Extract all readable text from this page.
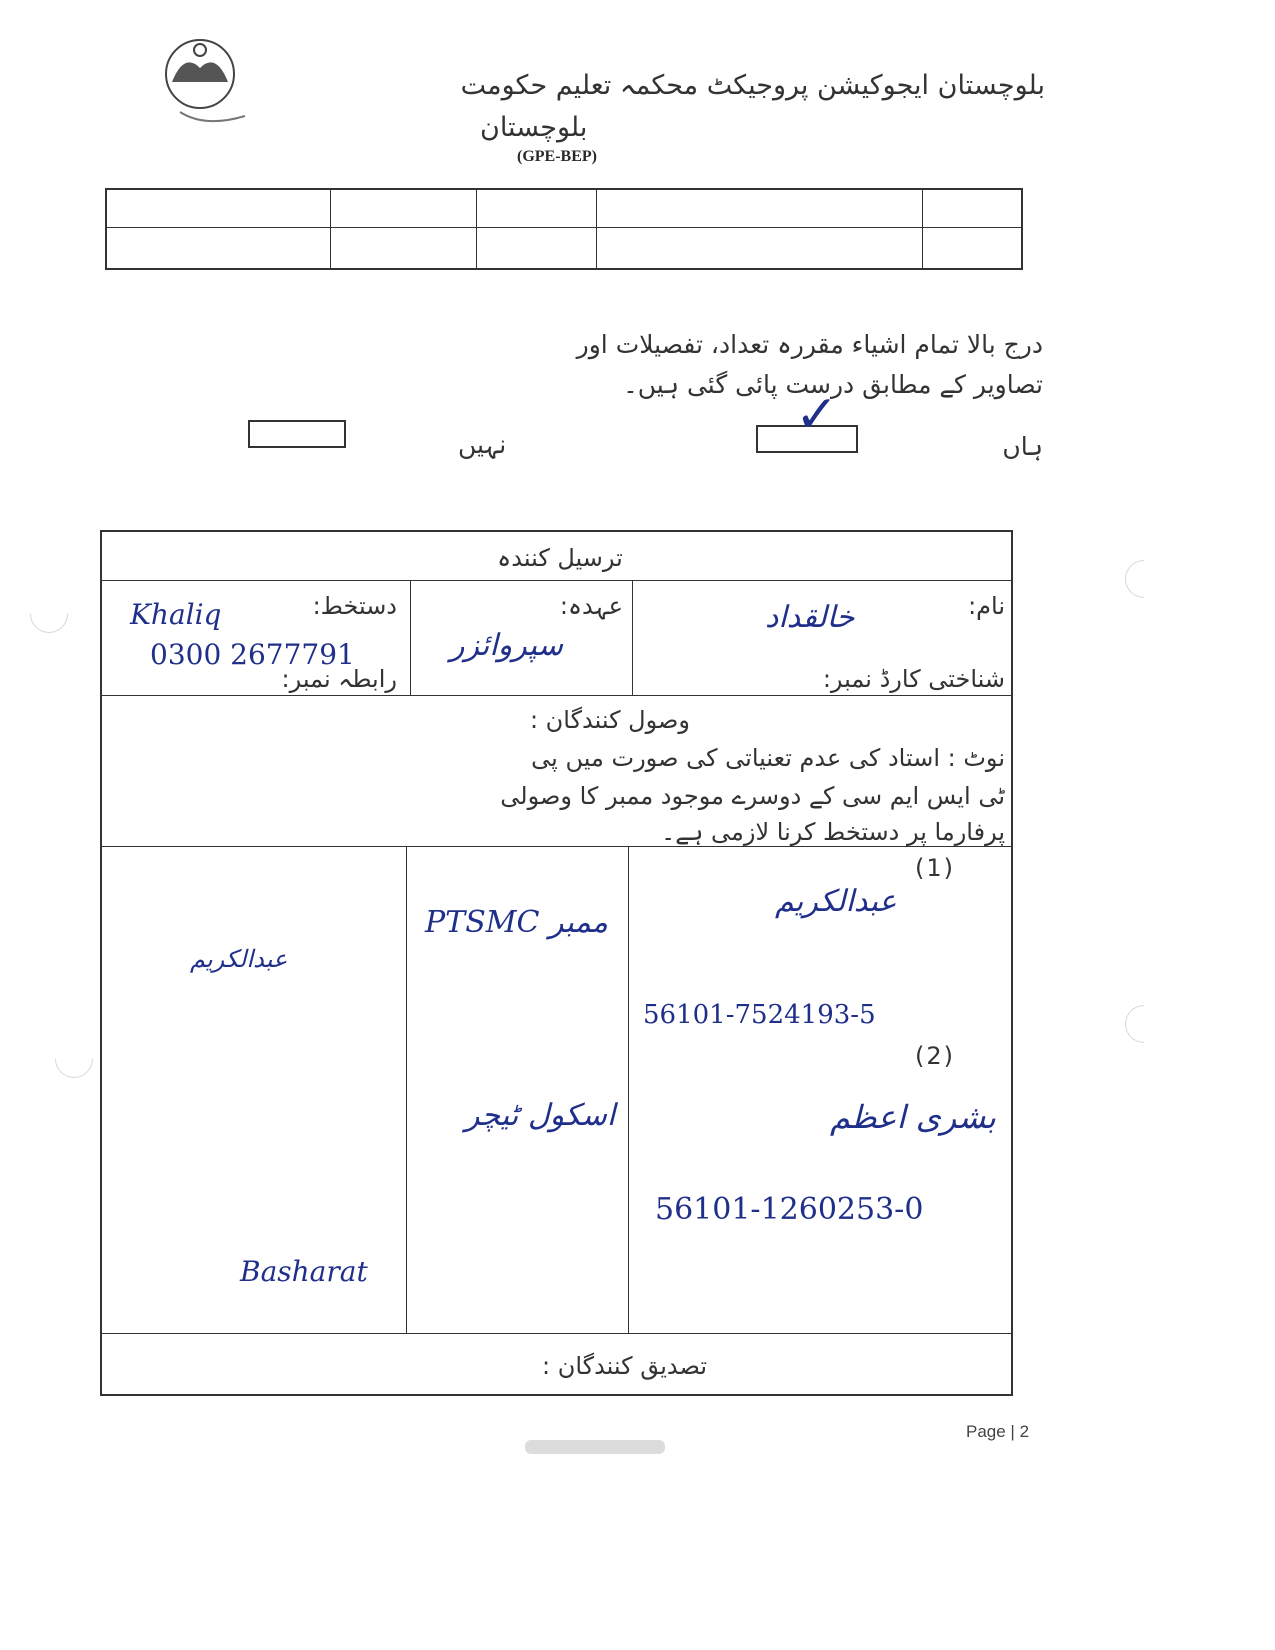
بلوچستان ایجوکیشن پروجیکٹ محکمہ تعلیم حکومت
بلوچستان
(GPE-BEP)
درج بالا تمام اشیاء مقررہ تعداد، تفصیلات اور
تصاویر کے مطابق درست پائی گئی ہیں۔
ہاں
✓
نہیں
ترسیل کنندہ
نام:
خالقداد
شناختی کارڈ نمبر:
عہدہ:
سپروائزر
دستخط:
Khaliq
0300 2677791
رابطہ نمبر:
وصول کنندگان :
نوٹ : استاد کی عدم تعنیاتی کی صورت میں پی
ٹی ایس ایم سی کے دوسرے موجود ممبر کا وصولی
پرفارما پر دستخط کرنا لازمی ہے۔
(1)
عبدالکریم
56101-7524193-5
ممبر PTSMC
عبدالکریم
(2)
بشری اعظم
56101-1260253-0
اسکول ٹیچر
Basharat
تصدیق کنندگان :
Page | 2
